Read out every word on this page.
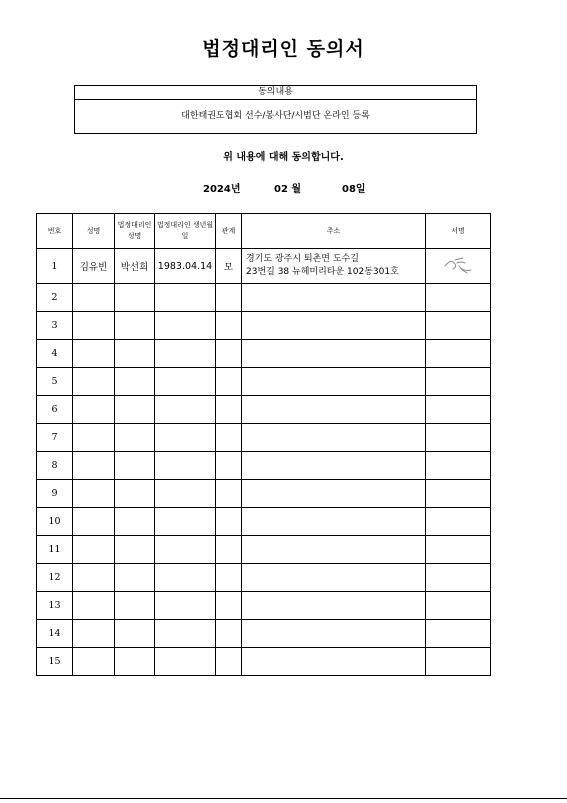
법정대리인 동의서
동의내용
대한태권도협회 선수/봉사단/시범단 온라인 등록
위 내용에 대해 동의합니다.
2024년	02 월	08일
번호	성명	법정대리인 성명	법정대리인 생년월일	관계	주소	서명
1	김유빈	박선희	1983.04.14	모	경기도 광주시 퇴촌면 도수길
23번길 38 뉴헤미리타운 102동301호

2						
3						
4						
5						
6						
7						
8						
9						
10						
11						
12						
13						
14						
15						
